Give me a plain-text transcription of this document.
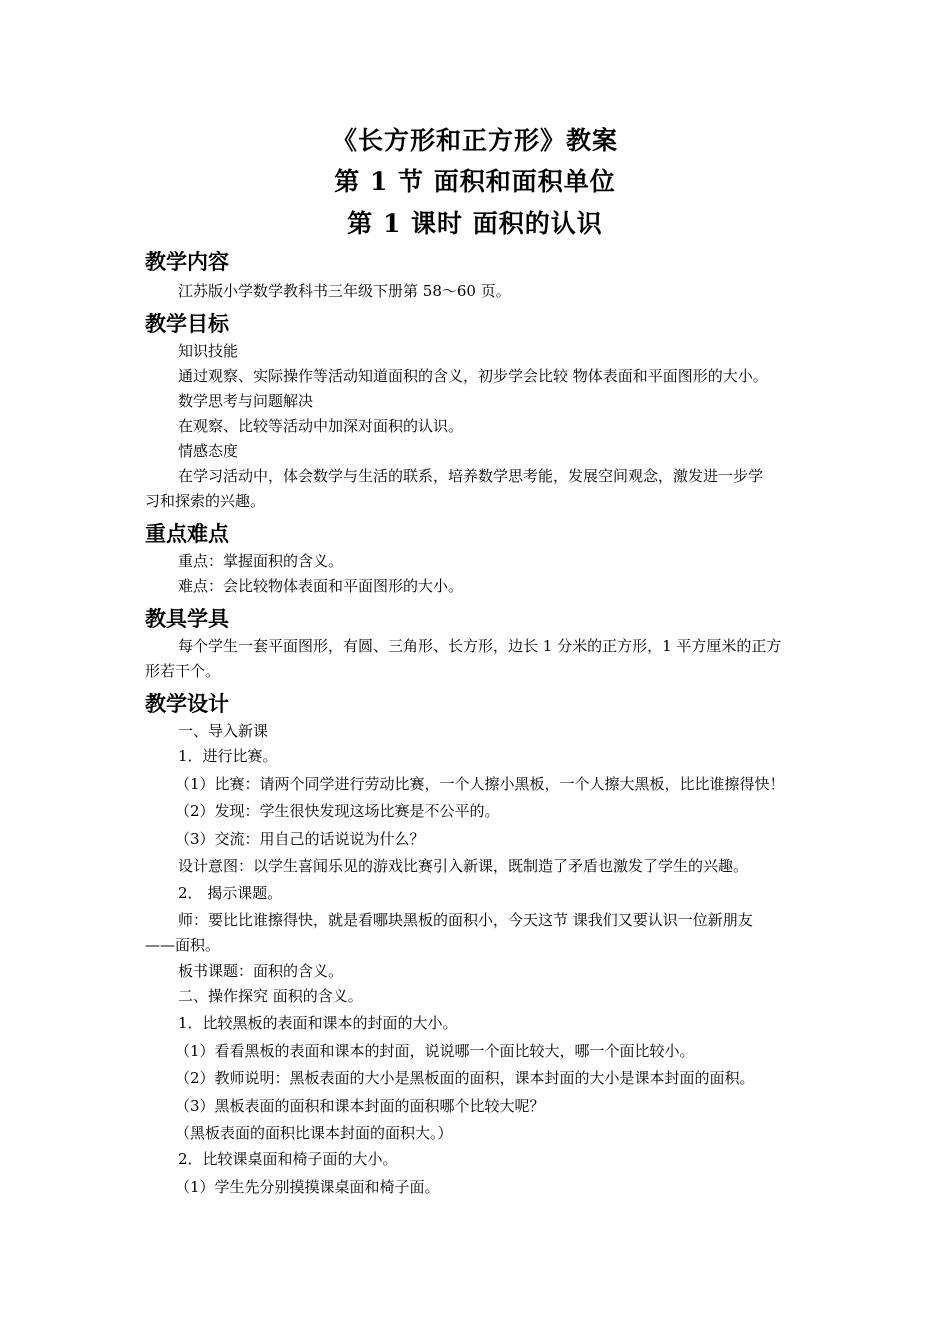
《长方形和正方形》教案
第 1 节 面积和面积单位
第 1 课时 面积的认识
教学内容
江苏版小学数学教科书三年级下册第 58～60 页。
教学目标
知识技能
通过观察、实际操作等活动知道面积的含义，初步学会比较 物体表面和平面图形的大小。
数学思考与问题解决
在观察、比较等活动中加深对面积的认识。
情感态度
在学习活动中，体会数学与生活的联系，培养数学思考能，发展空间观念，激发进一步学
习和探索的兴趣。
重点难点
重点：掌握面积的含义。
难点：会比较物体表面和平面图形的大小。
教具学具
每个学生一套平面图形，有圆、三角形、长方形，边长 1 分米的正方形，1 平方厘米的正方
形若干个。
教学设计
一、导入新课
1．进行比赛。
（1）比赛：请两个同学进行劳动比赛，一个人擦小黑板，一个人擦大黑板，比比谁擦得快！
（2）发现：学生很快发现这场比赛是不公平的。
（3）交流：用自己的话说说为什么？
设计意图：以学生喜闻乐见的游戏比赛引入新课，既制造了矛盾也激发了学生的兴趣。
2． 揭示课题。
师：要比比谁擦得快，就是看哪块黑板的面积小，今天这节 课我们又要认识一位新朋友
——面积。
板书课题：面积的含义。
二、操作探究 面积的含义。
1．比较黑板的表面和课本的封面的大小。
（1）看看黑板的表面和课本的封面，说说哪一个面比较大，哪一个面比较小。
（2）教师说明：黑板表面的大小是黑板面的面积，课本封面的大小是课本封面的面积。
（3）黑板表面的面积和课本封面的面积哪个比较大呢？
（黑板表面的面积比课本封面的面积大。）
2．比较课桌面和椅子面的大小。
（1）学生先分别摸摸课桌面和椅子面。
